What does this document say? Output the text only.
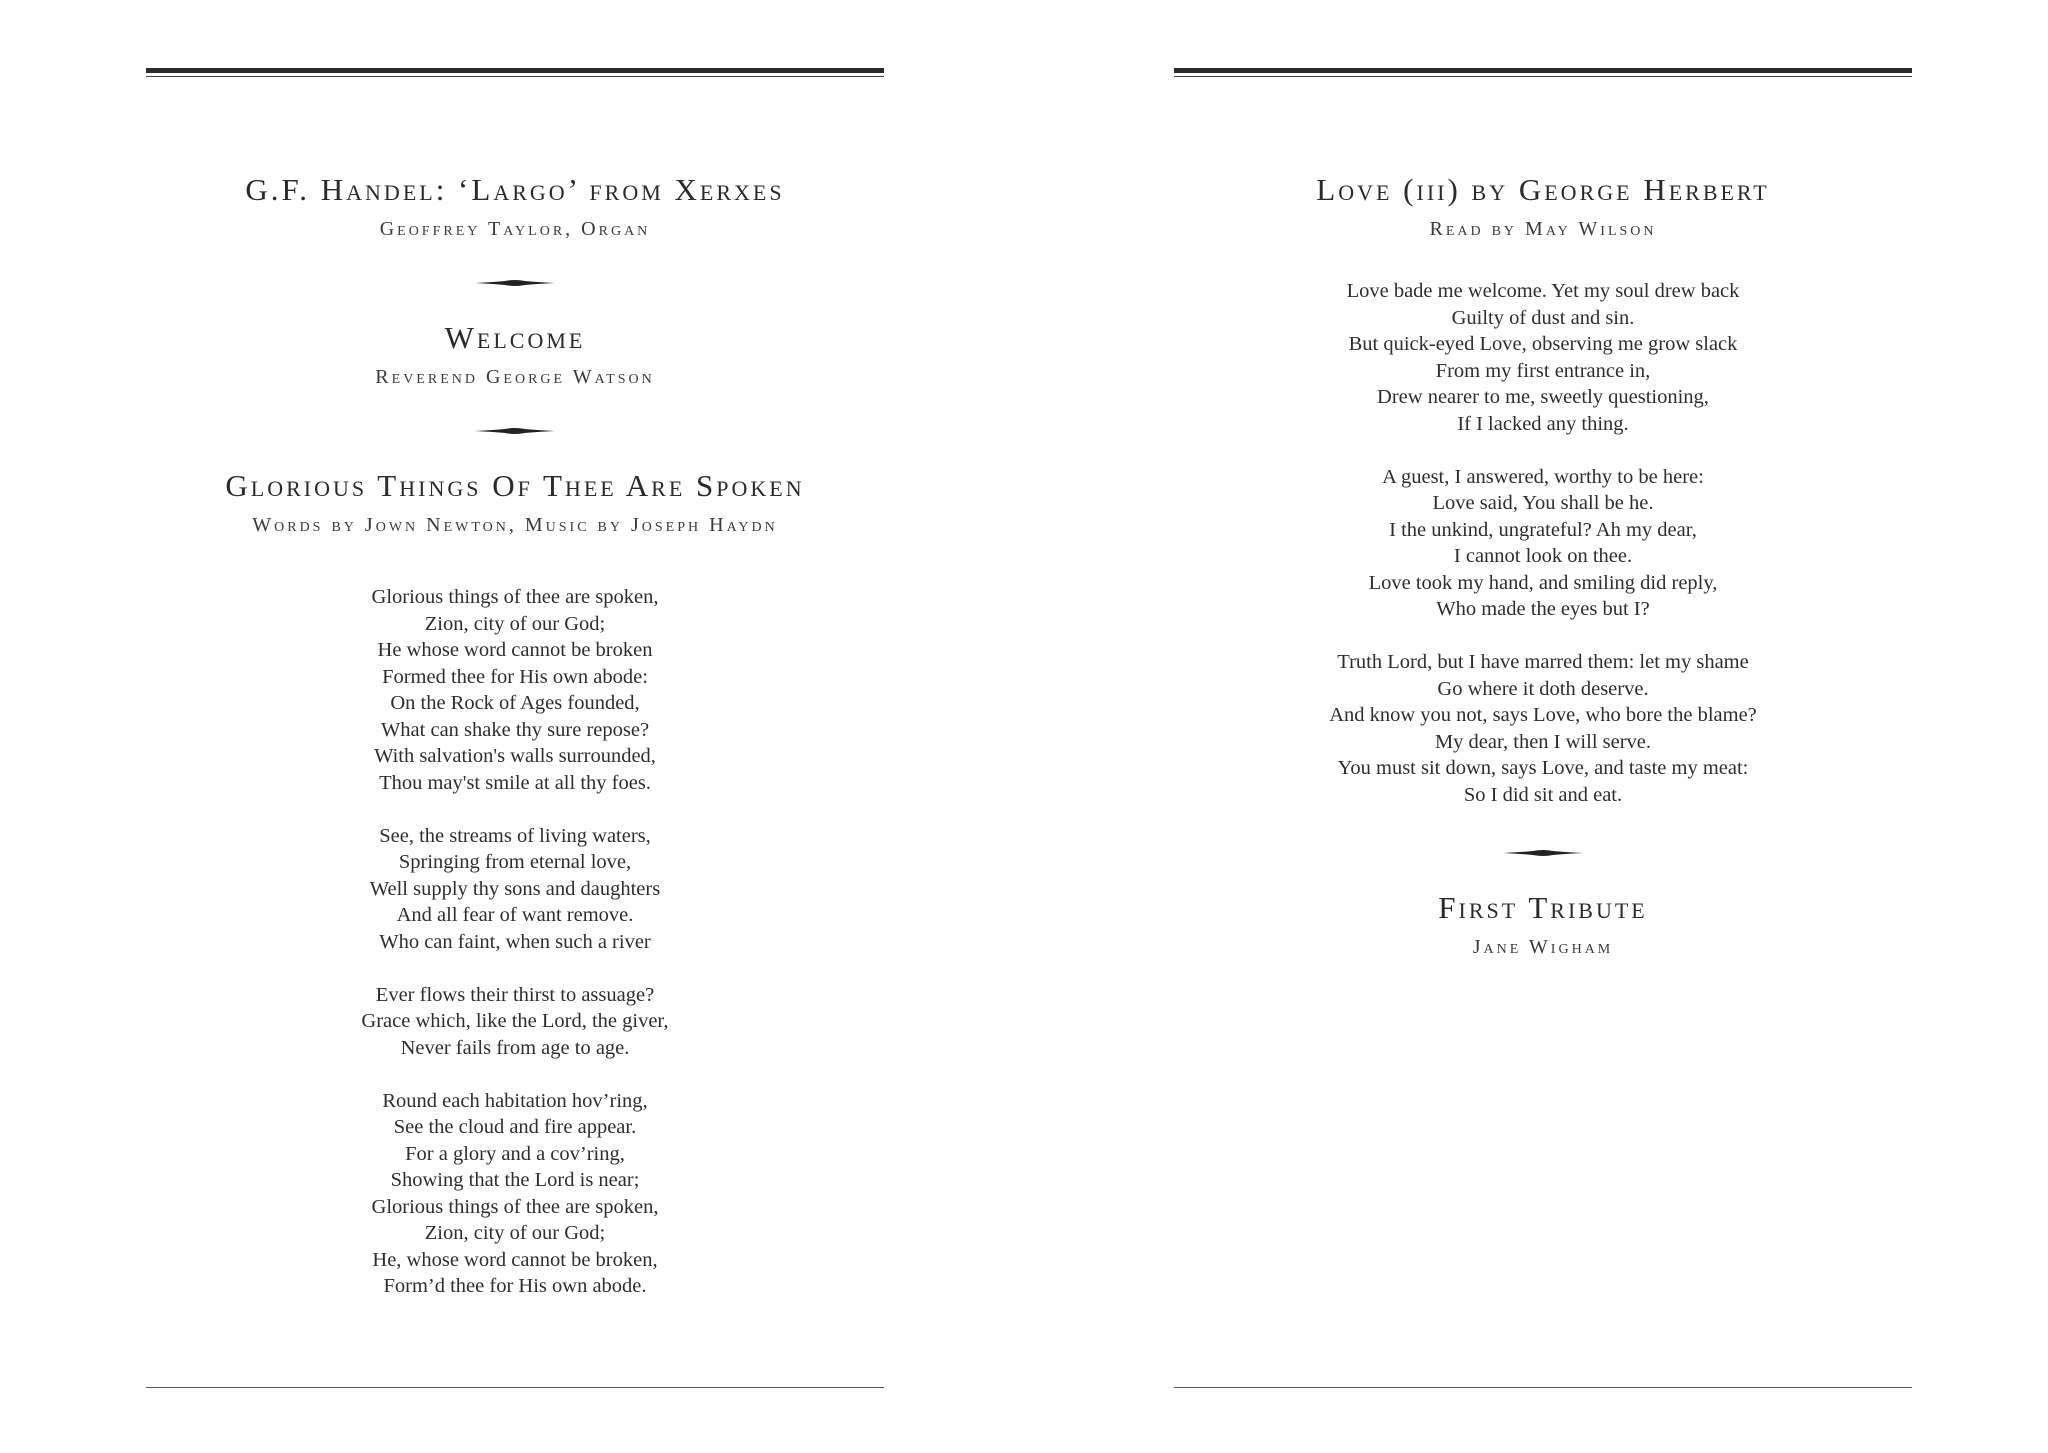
G.F. Handel: ‘Largo’ from Xerxes
Geoffrey Taylor, Organ
Welcome
Reverend George Watson
Glorious Things Of Thee Are Spoken
Words by Jown Newton, Music by Joseph Haydn
Glorious things of thee are spoken,
Zion, city of our God;
He whose word cannot be broken
Formed thee for His own abode:
On the Rock of Ages founded,
What can shake thy sure repose?
With salvation's walls surrounded,
Thou may'st smile at all thy foes.
See, the streams of living waters,
Springing from eternal love,
Well supply thy sons and daughters
And all fear of want remove.
Who can faint, when such a river
Ever flows their thirst to assuage?
Grace which, like the Lord, the giver,
Never fails from age to age.
Round each habitation hov’ring,
See the cloud and fire appear.
For a glory and a cov’ring,
Showing that the Lord is near;
Glorious things of thee are spoken,
Zion, city of our God;
He, whose word cannot be broken,
Form’d thee for His own abode.
Love (iii) by George Herbert
Read by May Wilson
Love bade me welcome. Yet my soul drew back
Guilty of dust and sin.
But quick-eyed Love, observing me grow slack
From my first entrance in,
Drew nearer to me, sweetly questioning,
If I lacked any thing.
A guest, I answered, worthy to be here:
Love said, You shall be he.
I the unkind, ungrateful? Ah my dear,
I cannot look on thee.
Love took my hand, and smiling did reply,
Who made the eyes but I?
Truth Lord, but I have marred them: let my shame
Go where it doth deserve.
And know you not, says Love, who bore the blame?
My dear, then I will serve.
You must sit down, says Love, and taste my meat:
So I did sit and eat.
First Tribute
Jane Wigham
